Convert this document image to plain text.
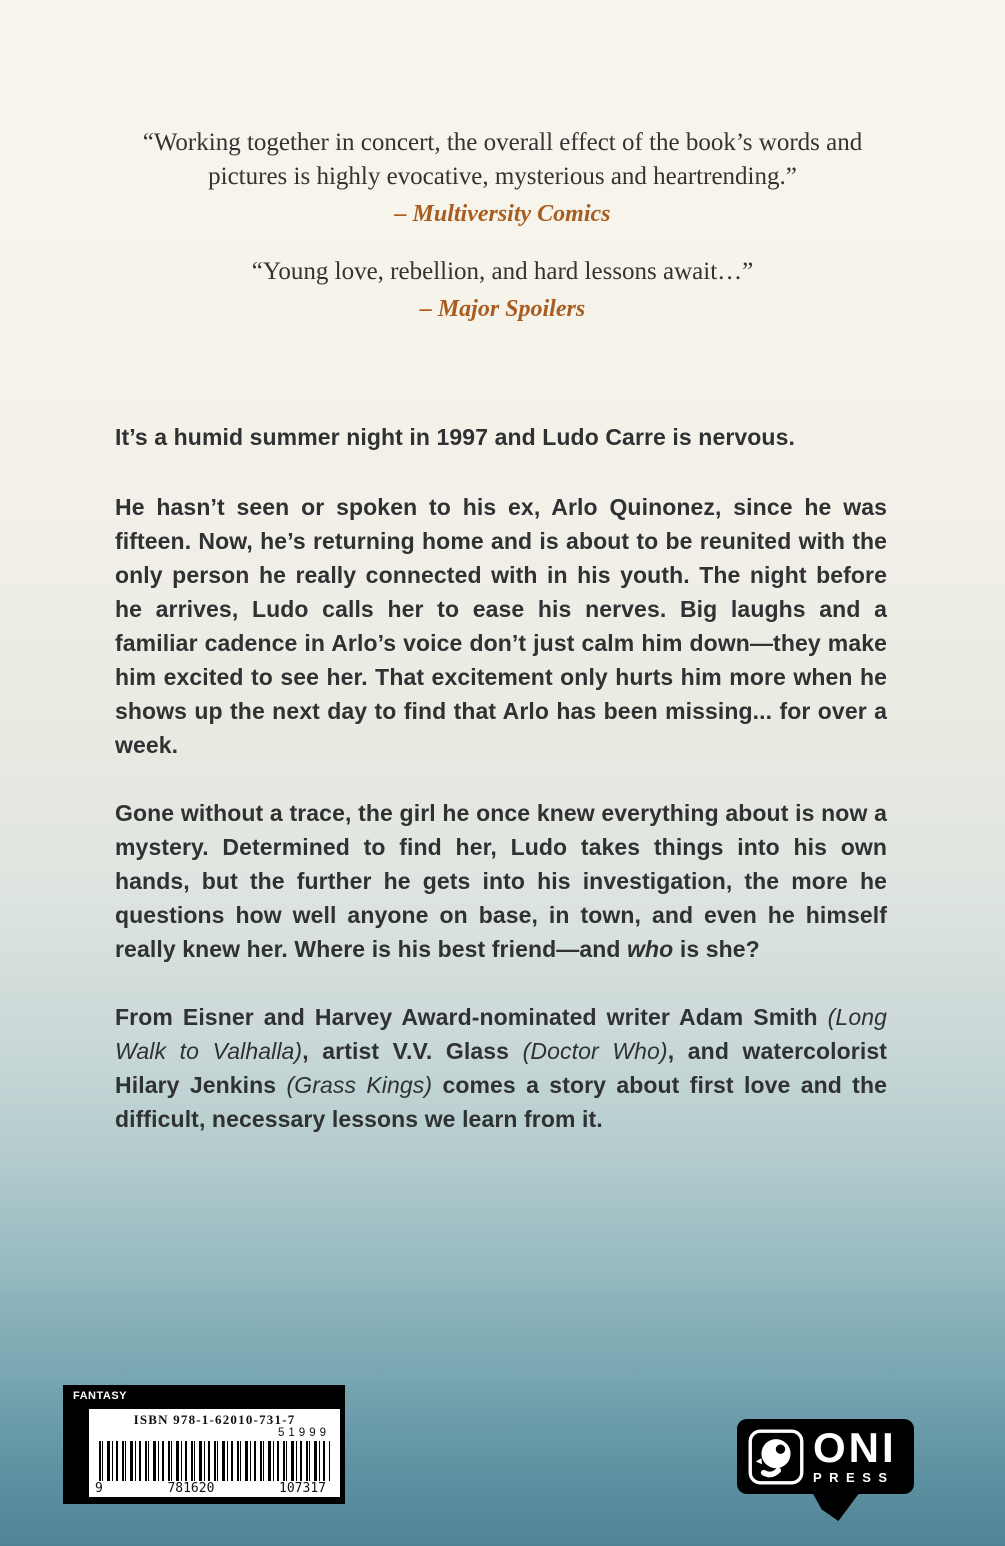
“Working together in concert, the overall effect of the book’s words and pictures is highly evocative, mysterious and heartrending.”
– Multiversity Comics
“Young love, rebellion, and hard lessons await…”
– Major Spoilers
It’s a humid summer night in 1997 and Ludo Carre is nervous.
He hasn’t seen or spoken to his ex, Arlo Quinonez, since he was fifteen. Now, he’s returning home and is about to be reunited with the only person he really connected with in his youth. The night before he arrives, Ludo calls her to ease his nerves. Big laughs and a familiar cadence in Arlo’s voice don’t just calm him down—they make him excited to see her. That excitement only hurts him more when he shows up the next day to find that Arlo has been missing... for over a week.
Gone without a trace, the girl he once knew everything about is now a mystery. Determined to find her, Ludo takes things into his own hands, but the further he gets into his investigation, the more he questions how well anyone on base, in town, and even he himself really knew her. Where is his best friend—and who is she?
From Eisner and Harvey Award-nominated writer Adam Smith (Long Walk to Valhalla), artist V.V. Glass (Doctor Who), and watercolorist Hilary Jenkins (Grass Kings) comes a story about first love and the difficult, necessary lessons we learn from it.
FANTASY
ISBN 978-1-62010-731-7
51999
9	781620	107317
ONI
PRESS
